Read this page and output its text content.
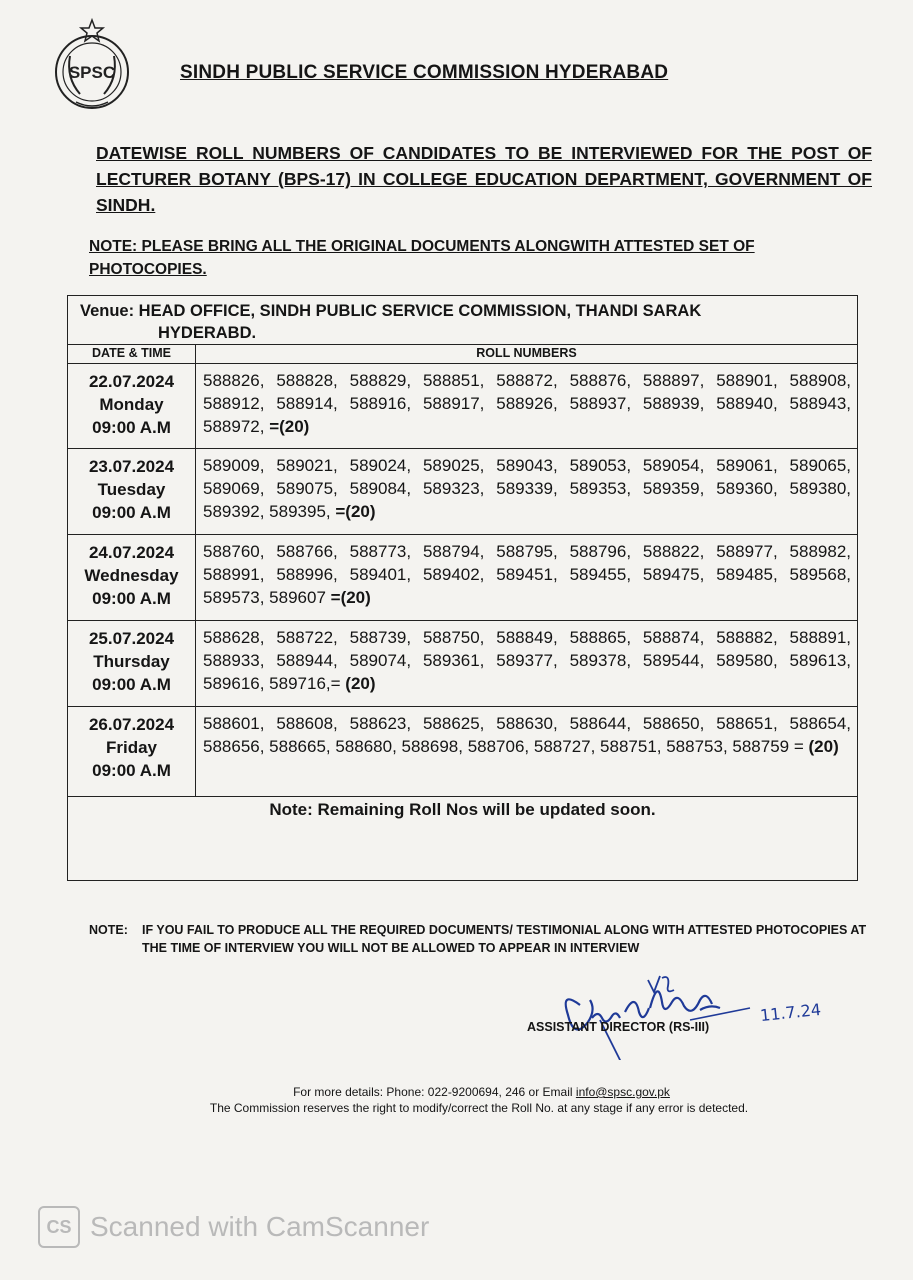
SPSC	SINDH PUBLIC SERVICE COMMISSION HYDERABAD
DATEWISE ROLL NUMBERS OF CANDIDATES TO BE INTERVIEWED FOR THE POST OF LECTURER BOTANY (BPS-17) IN COLLEGE EDUCATION DEPARTMENT, GOVERNMENT OF SINDH.
NOTE: PLEASE BRING ALL THE ORIGINAL DOCUMENTS ALONGWITH ATTESTED SET OF PHOTOCOPIES.
Venue: HEAD OFFICE, SINDH PUBLIC SERVICE COMMISSION, THANDI SARAK
HYDERABD.	

DATE & TIME	ROLL NUMBERS

22.07.2024
Monday
09:00 A.M	588826, 588828, 588829, 588851, 588872, 588876, 588897, 588901, 588908, 588912, 588914, 588916, 588917, 588926, 588937, 588939, 588940, 588943, 588972, =(20)

23.07.2024
Tuesday
09:00 A.M	589009, 589021, 589024, 589025, 589043, 589053, 589054, 589061, 589065, 589069, 589075, 589084, 589323, 589339, 589353, 589359, 589360, 589380, 589392, 589395, =(20)

24.07.2024
Wednesday
09:00 A.M	588760, 588766, 588773, 588794, 588795, 588796, 588822, 588977, 588982, 588991, 588996, 589401, 589402, 589451, 589455, 589475, 589485, 589568, 589573, 589607 =(20)

25.07.2024
Thursday
09:00 A.M	588628, 588722, 588739, 588750, 588849, 588865, 588874, 588882, 588891, 588933, 588944, 589074, 589361, 589377, 589378, 589544, 589580, 589613, 589616, 589716,= (20)

26.07.2024
Friday
09:00 A.M	588601, 588608, 588623, 588625, 588630, 588644, 588650, 588651, 588654, 588656, 588665, 588680, 588698, 588706, 588727, 588751, 588753, 588759 = (20)
Note: Remaining Roll Nos will be updated soon.	
NOTE: IF YOU FAIL TO PRODUCE ALL THE REQUIRED DOCUMENTS/ TESTIMONIAL ALONG WITH ATTESTED PHOTOCOPIES AT THE TIME OF INTERVIEW YOU WILL NOT BE ALLOWED TO APPEAR IN INTERVIEW
ASSISTANT DIRECTOR (RS-III)
11.7.24
For more details: Phone: 022-9200694, 246 or Email info@spsc.gov.pk
The Commission reserves the right to modify/correct the Roll No. at any stage if any error is detected.
CS Scanned with CamScanner
